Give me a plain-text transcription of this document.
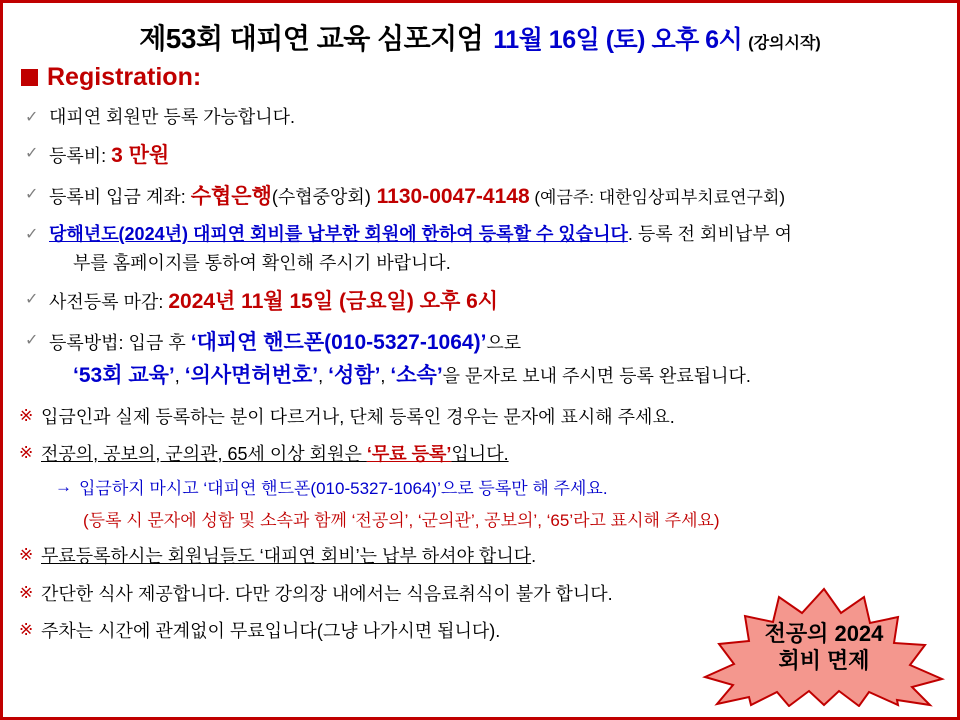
제53회 대피연 교육 심포지엄 11월 16일 (토) 오후 6시 (강의시작)
Registration:
✓ 대피연 회원만 등록 가능합니다.
✓ 등록비: 3 만원
✓ 등록비 입금 계좌: 수협은행(수협중앙회) 1130-0047-4148 (예금주: 대한임상피부치료연구회)
✓ 당해년도(2024년) 대피연 회비를 납부한 회원에 한하여 등록할 수 있습니다. 등록 전 회비납부 여
부를 홈페이지를 통하여 확인해 주시기 바랍니다.
✓ 사전등록 마감: 2024년 11월 15일 (금요일) 오후 6시
✓ 등록방법: 입금 후 ‘대피연 핸드폰(010-5327-1064)’으로
‘53회 교육’, ‘의사면허번호’, ‘성함’, ‘소속’을 문자로 보내 주시면 등록 완료됩니다.
※ 입금인과 실제 등록하는 분이 다르거나, 단체 등록인 경우는 문자에 표시해 주세요.
※ 전공의, 공보의, 군의관, 65세 이상 회원은 ‘무료 등록’입니다.
→ 입금하지 마시고 ‘대피연 핸드폰(010-5327-1064)’으로 등록만 해 주세요.
(등록 시 문자에 성함 및 소속과 함께 ‘전공의’, ‘군의관’, 공보의’, ‘65’라고 표시해 주세요)
※ 무료등록하시는 회원님들도 ‘대피연 회비’는 납부 하셔야 합니다.
※ 간단한 식사 제공합니다. 다만 강의장 내에서는 식음료취식이 불가 합니다.
※ 주차는 시간에 관계없이 무료입니다(그냥 나가시면 됩니다).	전공의 2024
회비 면제
